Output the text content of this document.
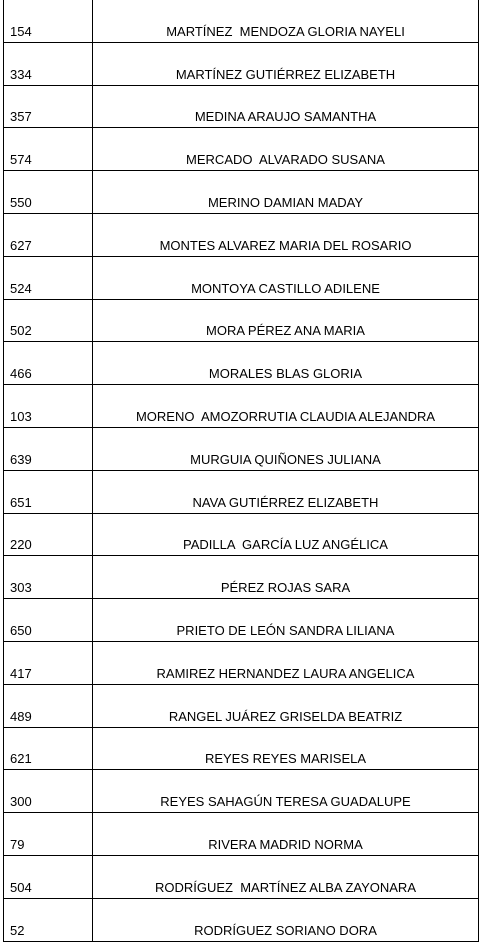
154	MARTÍNEZ  MENDOZA GLORIA NAYELI
334	MARTÍNEZ GUTIÉRREZ ELIZABETH
357	MEDINA ARAUJO SAMANTHA
574	MERCADO  ALVARADO SUSANA
550	MERINO DAMIAN MADAY
627	MONTES ALVAREZ MARIA DEL ROSARIO
524	MONTOYA CASTILLO ADILENE
502	MORA PÉREZ ANA MARIA
466	MORALES BLAS GLORIA
103	MORENO  AMOZORRUTIA CLAUDIA ALEJANDRA
639	MURGUIA QUIÑONES JULIANA
651	NAVA GUTIÉRREZ ELIZABETH
220	PADILLA  GARCÍA LUZ ANGÉLICA
303	PÉREZ ROJAS SARA
650	PRIETO DE LEÓN SANDRA LILIANA
417	RAMIREZ HERNANDEZ LAURA ANGELICA
489	RANGEL JUÁREZ GRISELDA BEATRIZ
621	REYES REYES MARISELA
300	REYES SAHAGÚN TERESA GUADALUPE
79	RIVERA MADRID NORMA
504	RODRÍGUEZ  MARTÍNEZ ALBA ZAYONARA
52	RODRÍGUEZ SORIANO DORA
